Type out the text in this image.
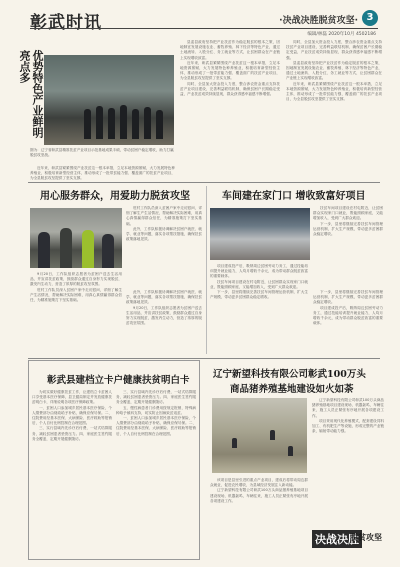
彰武时讯	·决战决胜脱贫攻坚· 3
编辑/林磊 2020年10月 4502186
亮点多 优势特色产业鲜明
图为：辽宁省彰武县精准扶贫产业项目示范基地成果丰硕，带动贫困户稳定增收，助力打赢脱贫攻坚战。

近年来，彰武县紧紧围绕产业扶贫这一根本举措，立足本地资源禀赋，大力发展特色种养殖业，积极培育新型经营主体，推动形成了一批带贫能力强、覆盖面广的扶贫产业项目，为全县脱贫攻坚提供了坚实支撑。

县委县政府坚持把产业扶贫作为稳定脱贫的根本之策，因地制宜发展设施农业、畜牧养殖、林下经济等特色产业，通过土地流转、入股分红、务工就业等方式，让贫困群众在产业链上实现增收致富。

近年来，彰武县紧紧围绕产业扶贫这一根本举措，立足本地资源禀赋，大力发展特色种养殖业，积极培育新型经营主体，推动形成了一批带贫能力强、覆盖面广的扶贫产业项目，为全县脱贫攻坚提供了坚实支撑。

同时，全县加大资金投入力度，整合涉农资金重点支持扶贫产业项目建设，完善利益联结机制，确保贫困户长期稳定受益，产业扶贫成效持续显现，群众获得感幸福感不断增强。

同时，全县加大资金投入力度，整合涉农资金重点支持扶贫产业项目建设，完善利益联结机制，确保贫困户长期稳定受益，产业扶贫成效持续显现，群众获得感幸福感不断增强。

县委县政府坚持把产业扶贫作为稳定脱贫的根本之策，因地制宜发展设施农业、畜牧养殖、林下经济等特色产业，通过土地流转、入股分红、务工就业等方式，让贫困群众在产业链上实现增收致富。

近年来，彰武县紧紧围绕产业扶贫这一根本举措，立足本地资源禀赋，大力发展特色种养殖业，积极培育新型经营主体，推动形成了一批带贫能力强、覆盖面广的扶贫产业项目，为全县脱贫攻坚提供了坚实支撑。

用心服务群众，用爱助力脱贫攻坚

驻村工作队员深入贫困户家中走访慰问，详细了解生产生活情况，帮助解决实际困难，用真心真情赢得群众信任，为精准施策打下坚实基础。

此外，工作队积极协调解决贫困户就医、就学、就业等问题，落实各项帮扶措施，确保扶贫政策落地见效。

9月20日，工作队组织志愿者为贫困户送去生活用品，并宣讲扶贫政策，鼓励群众通过自身努力实现脱贫，激发内生动力，营造了浓厚的脱贫攻坚氛围。

驻村工作队员深入贫困户家中走访慰问，详细了解生产生活情况，帮助解决实际困难，用真心真情赢得群众信任，为精准施策打下坚实基础。

此外，工作队积极协调解决贫困户就医、就学、就业等问题，落实各项帮扶措施，确保扶贫政策落地见效。

9月20日，工作队组织志愿者为贫困户送去生活用品，并宣讲扶贫政策，鼓励群众通过自身努力实现脱贫，激发内生动力，营造了浓厚的脱贫攻坚氛围。

车间建在家门口 增收致富好项目

扶贫车间项目建设在村屯附近，让贫困群众实现家门口就业，既能照顾家庭，又能增加收入，受到广大群众欢迎。

下一步，县里将继续完善扶贫车间管理运营机制，扩大生产规模，带动更多贫困群众稳定增收。

项目建成投产后，吸纳周边贫困劳动力务工，通过技能培训提升就业能力，人均月增收千余元，成为带动群众脱贫致富的重要载体。

扶贫车间项目建设在村屯附近，让贫困群众实现家门口就业，既能照顾家庭，又能增加收入，受到广大群众欢迎。

下一步，县里将继续完善扶贫车间管理运营机制，扩大生产规模，带动更多贫困群众稳定增收。

下一步，县里将继续完善扶贫车间管理运营机制，扩大生产规模，带动更多贫困群众稳定增收。

项目建成投产后，吸纳周边贫困劳动力务工，通过技能培训提升就业能力，人均月增收千余元，成为带动群众脱贫致富的重要载体。

彰武县建档立卡户健康扶贫明白卡

为切实做好健康扶贫工作，让建档立卡贫困人口享受基本医疗保障，县卫健局制定并发放健康扶贫明白卡，详细说明各项医疗保障政策。

一、贫困人口参加城乡居民基本医疗保险，个人缴费部分由财政给予补贴，确保应保尽保。二、住院费用经基本医保、大病保险、医疗救助等报销后，个人自付比例控制在合理范围。

三、实行县域内先诊疗后付费，一站式结算服务，减轻贫困患者垫资压力。四、家庭医生签约服务全覆盖，定期开展健康随访。

三、实行县域内先诊疗后付费，一站式结算服务，减轻贫困患者垫资压力。四、家庭医生签约服务全覆盖，定期开展健康随访。

五、慢性病患者门诊费用按规定报销，特殊病种给予倾斜支持，切实防止因病致贫返贫。

一、贫困人口参加城乡居民基本医疗保险，个人缴费部分由财政给予补贴，确保应保尽保。二、住院费用经基本医保、大病保险、医疗救助等报销后，个人自付比例控制在合理范围。

辽宁新望科技有限公司彰武100万头
商品猪养殖基地建设如火如荼

辽宁新望科技有限公司彰武100万头商品猪养殖基地项目建设现场，机器轰鸣，车辆往来，施工人员正紧张有序地开展各项建设工作。

项目采用现代化养殖模式，配套建设饲料加工、有机肥生产等设施，形成完整的产业链条，辐射带动能力强。

该项目是县里引进的重点产业项目，建成后将带动周边群众就业，促进农民增收，为县域经济发展注入新动能。

辽宁新望科技有限公司彰武100万头商品猪养殖基地项目建设现场，机器轰鸣，车辆往来，施工人员正紧张有序地开展各项建设工作。

决战决胜
脱贫攻坚
